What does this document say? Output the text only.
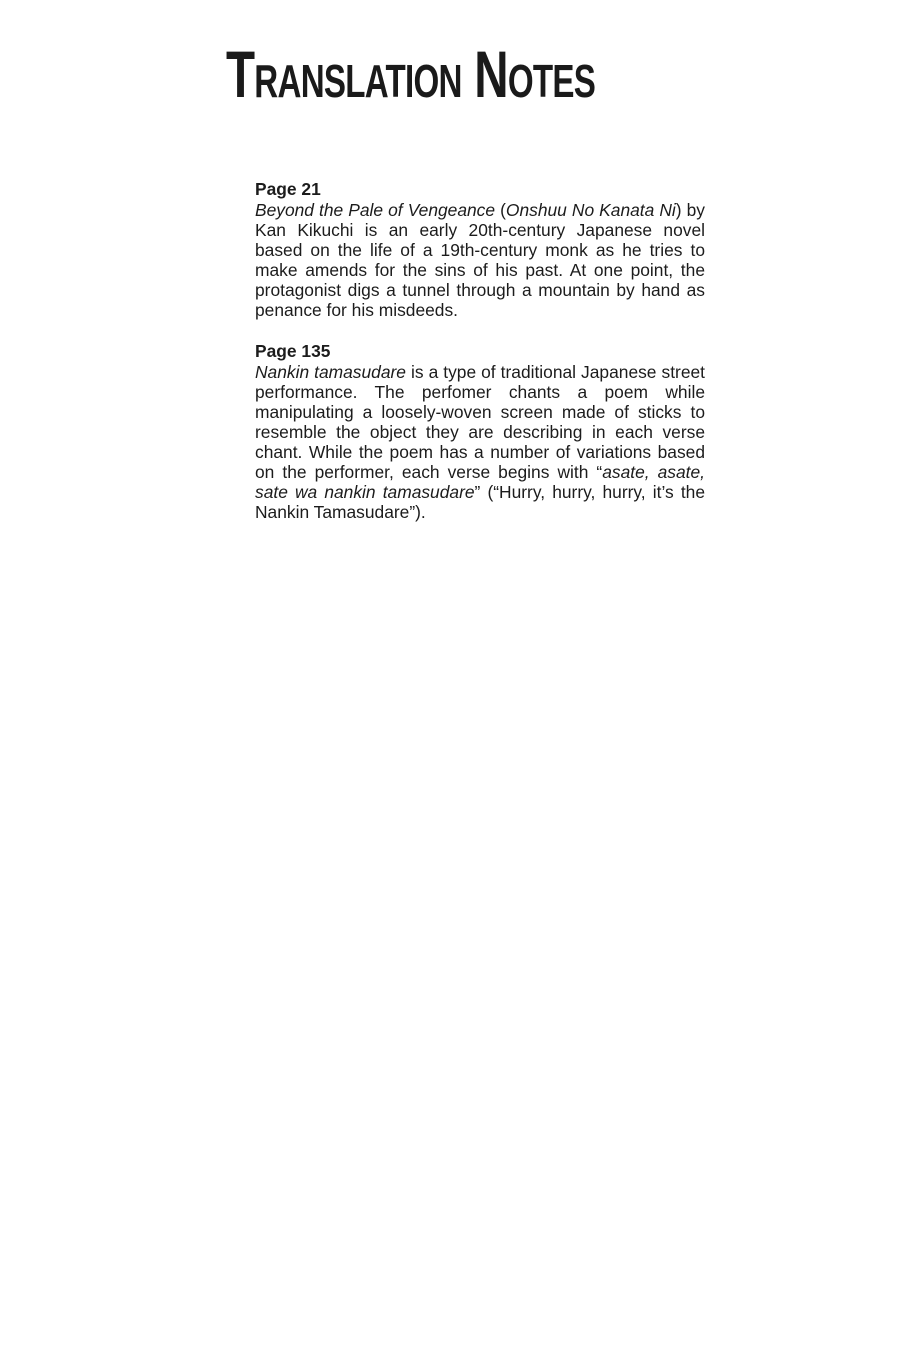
Translation Notes
Page 21

Beyond the Pale of Vengeance (Onshuu No Kanata Ni) by Kan Kikuchi is an early 20th-century Japanese novel based on the life of a 19th-century monk as he tries to make amends for the sins of his past. At one point, the protagonist digs a tunnel through a mountain by hand as penance for his misdeeds.

Page 135

Nankin tamasudare is a type of traditional Japanese street performance. The perfomer chants a poem while manipulating a loosely-woven screen made of sticks to resemble the object they are describing in each verse chant. While the poem has a number of variations based on the performer, each verse begins with “asate, asate, sate wa nankin tamasudare” (“Hurry, hurry, hurry, it’s the Nankin Tamasudare”).
